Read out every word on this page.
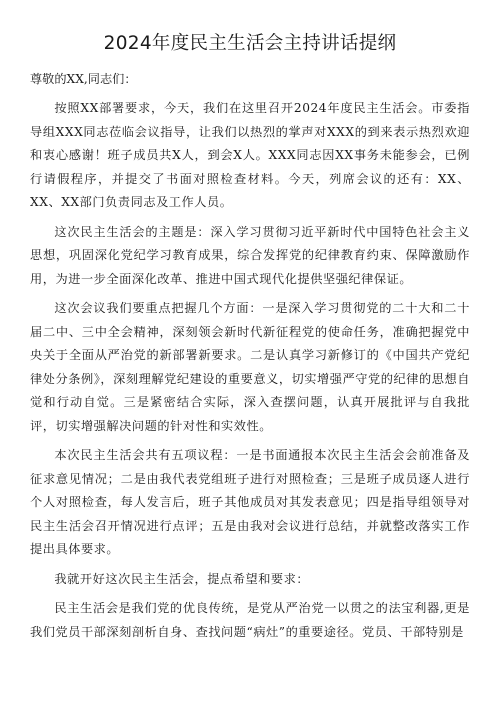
2024年度民主生活会主持讲话提纲

尊敬的XX,同志们：

按照XX部署要求，今天，我们在这里召开2024年度民主生活会。市委指导组XXX同志莅临会议指导，让我们以热烈的掌声对XXX的到来表示热烈欢迎和衷心感谢！班子成员共X人，到会X人。XXX同志因XX事务未能参会，已例行请假程序，并提交了书面对照检查材料。今天，列席会议的还有：XX、XX、XX部门负责同志及工作人员。

这次民主生活会的主题是：深入学习贯彻习近平新时代中国特色社会主义思想，巩固深化党纪学习教育成果，综合发挥党的纪律教育约束、保障激励作用，为进一步全面深化改革、推进中国式现代化提供坚强纪律保证。

这次会议我们要重点把握几个方面：一是深入学习贯彻党的二十大和二十届二中、三中全会精神，深刻领会新时代新征程党的使命任务，准确把握党中央关于全面从严治党的新部署新要求。二是认真学习新修订的《中国共产党纪律处分条例》，深刻理解党纪建设的重要意义，切实增强严守党的纪律的思想自觉和行动自觉。三是紧密结合实际，深入查摆问题，认真开展批评与自我批评，切实增强解决问题的针对性和实效性。

本次民主生活会共有五项议程：一是书面通报本次民主生活会会前准备及征求意见情况；二是由我代表党组班子进行对照检查；三是班子成员逐人进行个人对照检查，每人发言后，班子其他成员对其发表意见；四是指导组领导对民主生活会召开情况进行点评；五是由我对会议进行总结，并就整改落实工作提出具体要求。

我就开好这次民主生活会，提点希望和要求：

民主生活会是我们党的优良传统，是党从严治党一以贯之的法宝利器,更是我们党员干部深刻剖析自身、查找问题“病灶”的重要途径。党员、干部特别是
